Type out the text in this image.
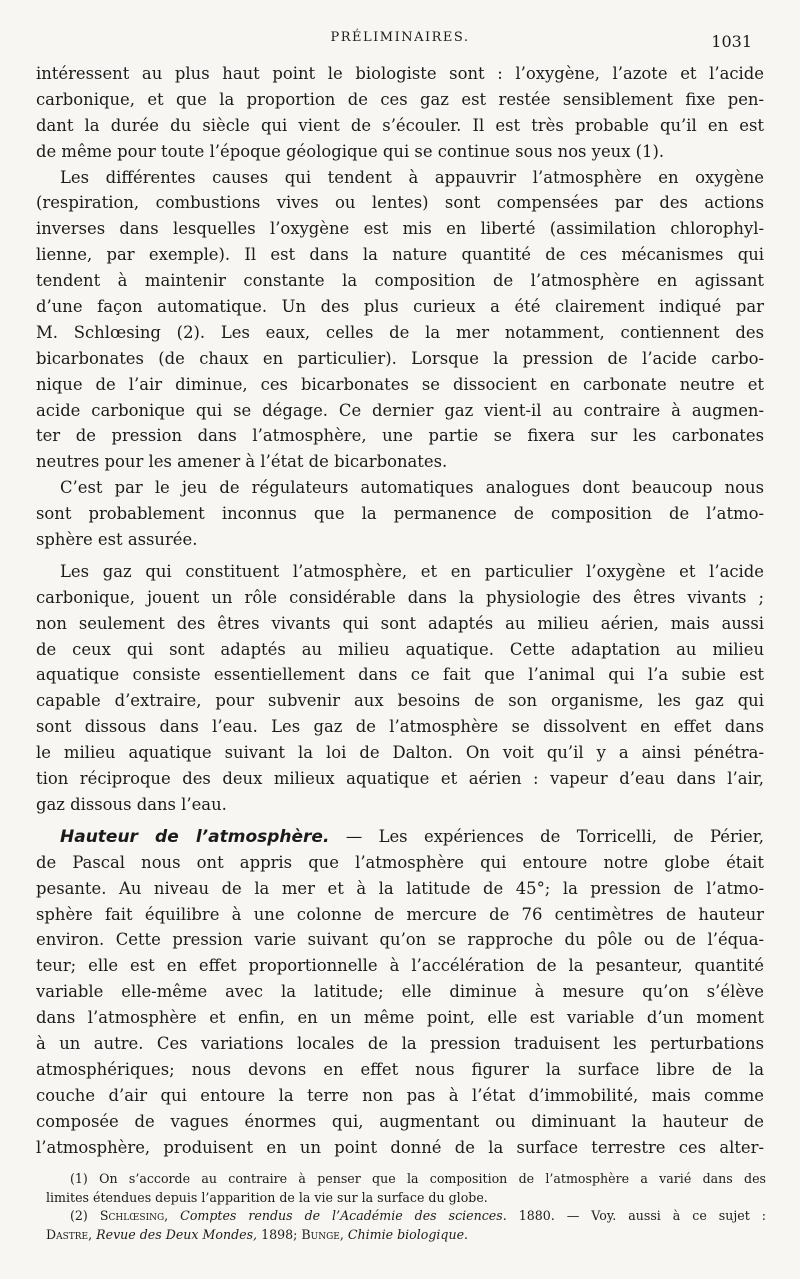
PRÉLIMINAIRES.	1031
intéressent au plus haut point le biologiste sont : l’oxygène, l’azote et l’acide
carbonique, et que la proportion de ces gaz est restée sensiblement fixe pen-
dant la durée du siècle qui vient de s’écouler. Il est très probable qu’il en est
de même pour toute l’époque géologique qui se continue sous nos yeux (1).
Les différentes causes qui tendent à appauvrir l’atmosphère en oxygène
(respiration, combustions vives ou lentes) sont compensées par des actions
inverses dans lesquelles l’oxygène est mis en liberté (assimilation chlorophyl-
lienne, par exemple). Il est dans la nature quantité de ces mécanismes qui
tendent à maintenir constante la composition de l’atmosphère en agissant
d’une façon automatique. Un des plus curieux a été clairement indiqué par
M. Schlœsing (2). Les eaux, celles de la mer notamment, contiennent des
bicarbonates (de chaux en particulier). Lorsque la pression de l’acide carbo-
nique de l’air diminue, ces bicarbonates se dissocient en carbonate neutre et
acide carbonique qui se dégage. Ce dernier gaz vient-il au contraire à augmen-
ter de pression dans l’atmosphère, une partie se fixera sur les carbonates
neutres pour les amener à l’état de bicarbonates.
C’est par le jeu de régulateurs automatiques analogues dont beaucoup nous
sont probablement inconnus que la permanence de composition de l’atmo-
sphère est assurée.
Les gaz qui constituent l’atmosphère, et en particulier l’oxygène et l’acide
carbonique, jouent un rôle considérable dans la physiologie des êtres vivants ;
non seulement des êtres vivants qui sont adaptés au milieu aérien, mais aussi
de ceux qui sont adaptés au milieu aquatique. Cette adaptation au milieu
aquatique consiste essentiellement dans ce fait que l’animal qui l’a subie est
capable d’extraire, pour subvenir aux besoins de son organisme, les gaz qui
sont dissous dans l’eau. Les gaz de l’atmosphère se dissolvent en effet dans
le milieu aquatique suivant la loi de Dalton. On voit qu’il y a ainsi pénétra-
tion réciproque des deux milieux aquatique et aérien : vapeur d’eau dans l’air,
gaz dissous dans l’eau.
Hauteur de l’atmosphère. — Les expériences de Torricelli, de Périer,
de Pascal nous ont appris que l’atmosphère qui entoure notre globe était
pesante. Au niveau de la mer et à la latitude de 45°; la pression de l’atmo-
sphère fait équilibre à une colonne de mercure de 76 centimètres de hauteur
environ. Cette pression varie suivant qu’on se rapproche du pôle ou de l’équa-
teur; elle est en effet proportionnelle à l’accélération de la pesanteur, quantité
variable elle-même avec la latitude; elle diminue à mesure qu’on s’élève
dans l’atmosphère et enfin, en un même point, elle est variable d’un moment
à un autre. Ces variations locales de la pression traduisent les perturbations
atmosphériques; nous devons en effet nous figurer la surface libre de la
couche d’air qui entoure la terre non pas à l’état d’immobilité, mais comme
composée de vagues énormes qui, augmentant ou diminuant la hauteur de
l’atmosphère, produisent en un point donné de la surface terrestre ces alter-
(1) On s’accorde au contraire à penser que la composition de l’atmosphère a varié dans des
limites étendues depuis l’apparition de la vie sur la surface du globe.
(2) Schlœsing, Comptes rendus de l’Académie des sciences. 1880. — Voy. aussi à ce sujet :
Dastre, Revue des Deux Mondes, 1898; Bunge, Chimie biologique.
